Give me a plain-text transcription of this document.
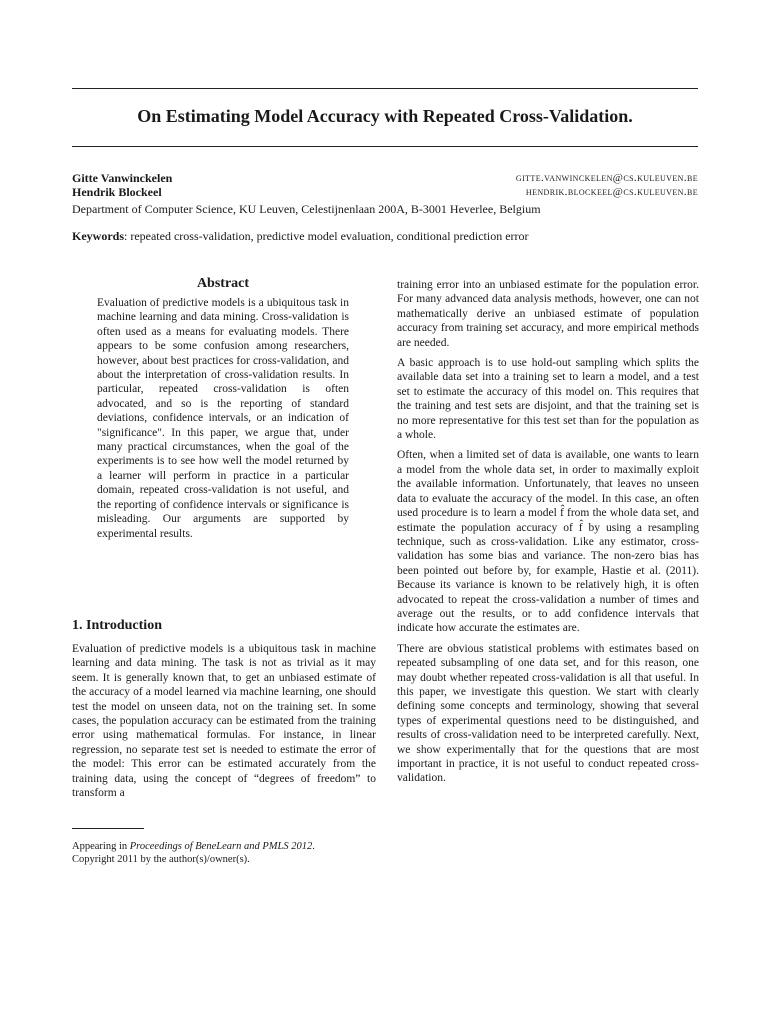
On Estimating Model Accuracy with Repeated Cross-Validation.
Gitte Vanwinckelen	gitte.vanwinckelen@cs.kuleuven.be
Hendrik Blockeel	hendrik.blockeel@cs.kuleuven.be
Department of Computer Science, KU Leuven, Celestijnenlaan 200A, B-3001 Heverlee, Belgium
Keywords: repeated cross-validation, predictive model evaluation, conditional prediction error
Abstract

Evaluation of predictive models is a ubiquitous task in machine learning and data mining. Cross-validation is often used as a means for evaluating models. There appears to be some confusion among researchers, however, about best practices for cross-validation, and about the interpretation of cross-validation results. In particular, repeated cross-validation is often advocated, and so is the reporting of standard deviations, confidence intervals, or an indication of "significance". In this paper, we argue that, under many practical circumstances, when the goal of the experiments is to see how well the model returned by a learner will perform in practice in a particular domain, repeated cross-validation is not useful, and the reporting of confidence intervals or significance is misleading. Our arguments are supported by experimental results.

1. Introduction

Evaluation of predictive models is a ubiquitous task in machine learning and data mining. The task is not as trivial as it may seem. It is generally known that, to get an unbiased estimate of the accuracy of a model learned via machine learning, one should test the model on unseen data, not on the training set. In some cases, the population accuracy can be estimated from the training error using mathematical formulas. For instance, in linear regression, no separate test set is needed to estimate the error of the model: This error can be estimated accurately from the training data, using the concept of “degrees of freedom” to transform a

Appearing in Proceedings of BeneLearn and PMLS 2012.
Copyright 2011 by the author(s)/owner(s).

training error into an unbiased estimate for the population error. For many advanced data analysis methods, however, one can not mathematically derive an unbiased estimate of population accuracy from training set accuracy, and more empirical methods are needed.

A basic approach is to use hold-out sampling which splits the available data set into a training set to learn a model, and a test set to estimate the accuracy of this model on. This requires that the training and test sets are disjoint, and that the training set is no more representative for this test set than for the population as a whole.

Often, when a limited set of data is available, one wants to learn a model from the whole data set, in order to maximally exploit the available information. Unfortunately, that leaves no unseen data to evaluate the accuracy of the model. In this case, an often used procedure is to learn a model f̂ from the whole data set, and estimate the population accuracy of f̂ by using a resampling technique, such as cross-validation. Like any estimator, cross-validation has some bias and variance. The non-zero bias has been pointed out before by, for example, Hastie et al. (2011). Because its variance is known to be relatively high, it is often advocated to repeat the cross-validation a number of times and average out the results, or to add confidence intervals that indicate how accurate the estimates are.

There are obvious statistical problems with estimates based on repeated subsampling of one data set, and for this reason, one may doubt whether repeated cross-validation is all that useful. In this paper, we investigate this question. We start with clearly defining some concepts and terminology, showing that several types of experimental questions need to be distinguished, and results of cross-validation need to be interpreted carefully. Next, we show experimentally that for the questions that are most important in practice, it is not useful to conduct repeated cross-validation.
